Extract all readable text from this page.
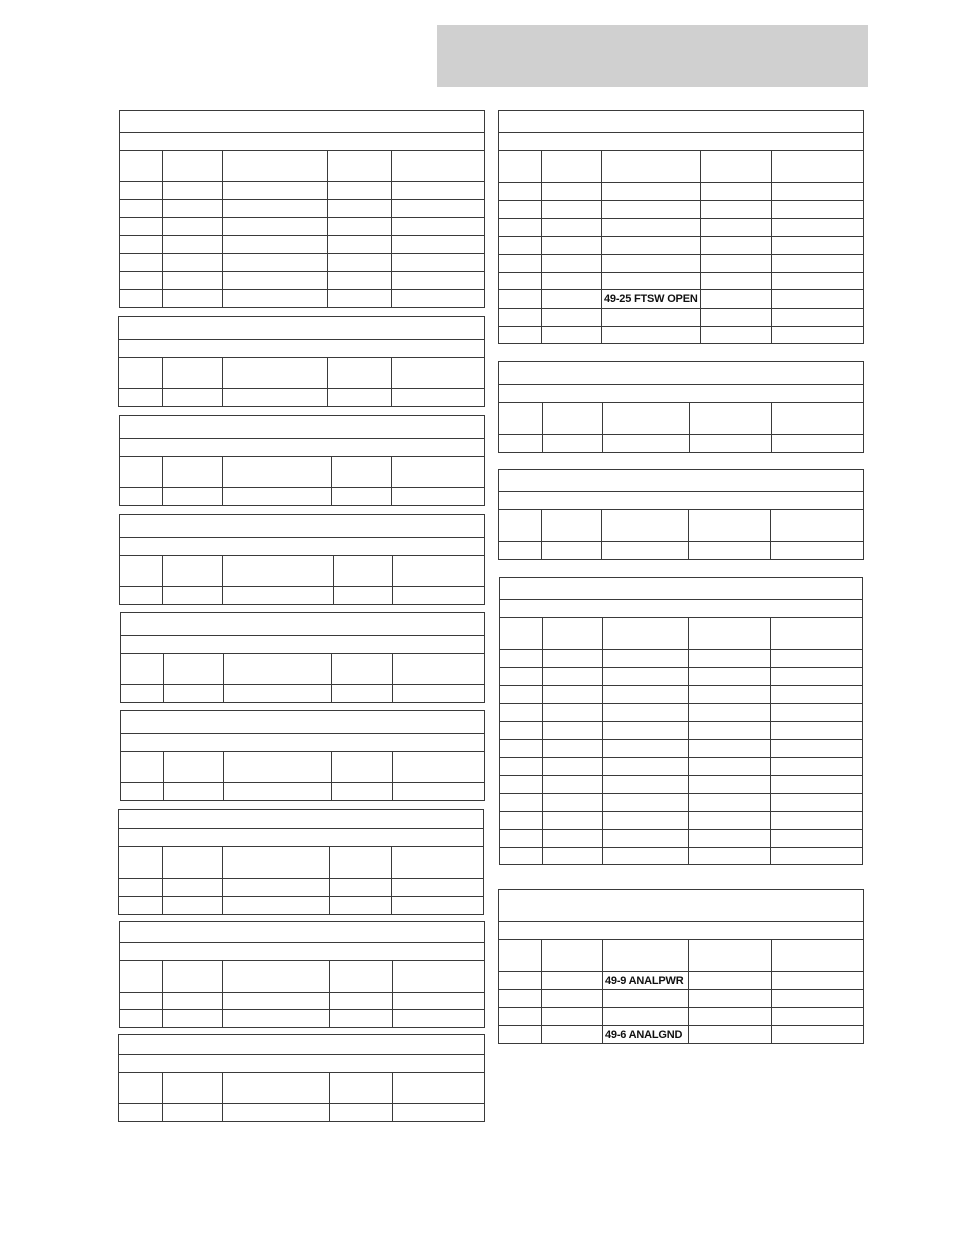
49-25 FTSW OPEN
49-9 ANALPWR
49-6 ANALGND
